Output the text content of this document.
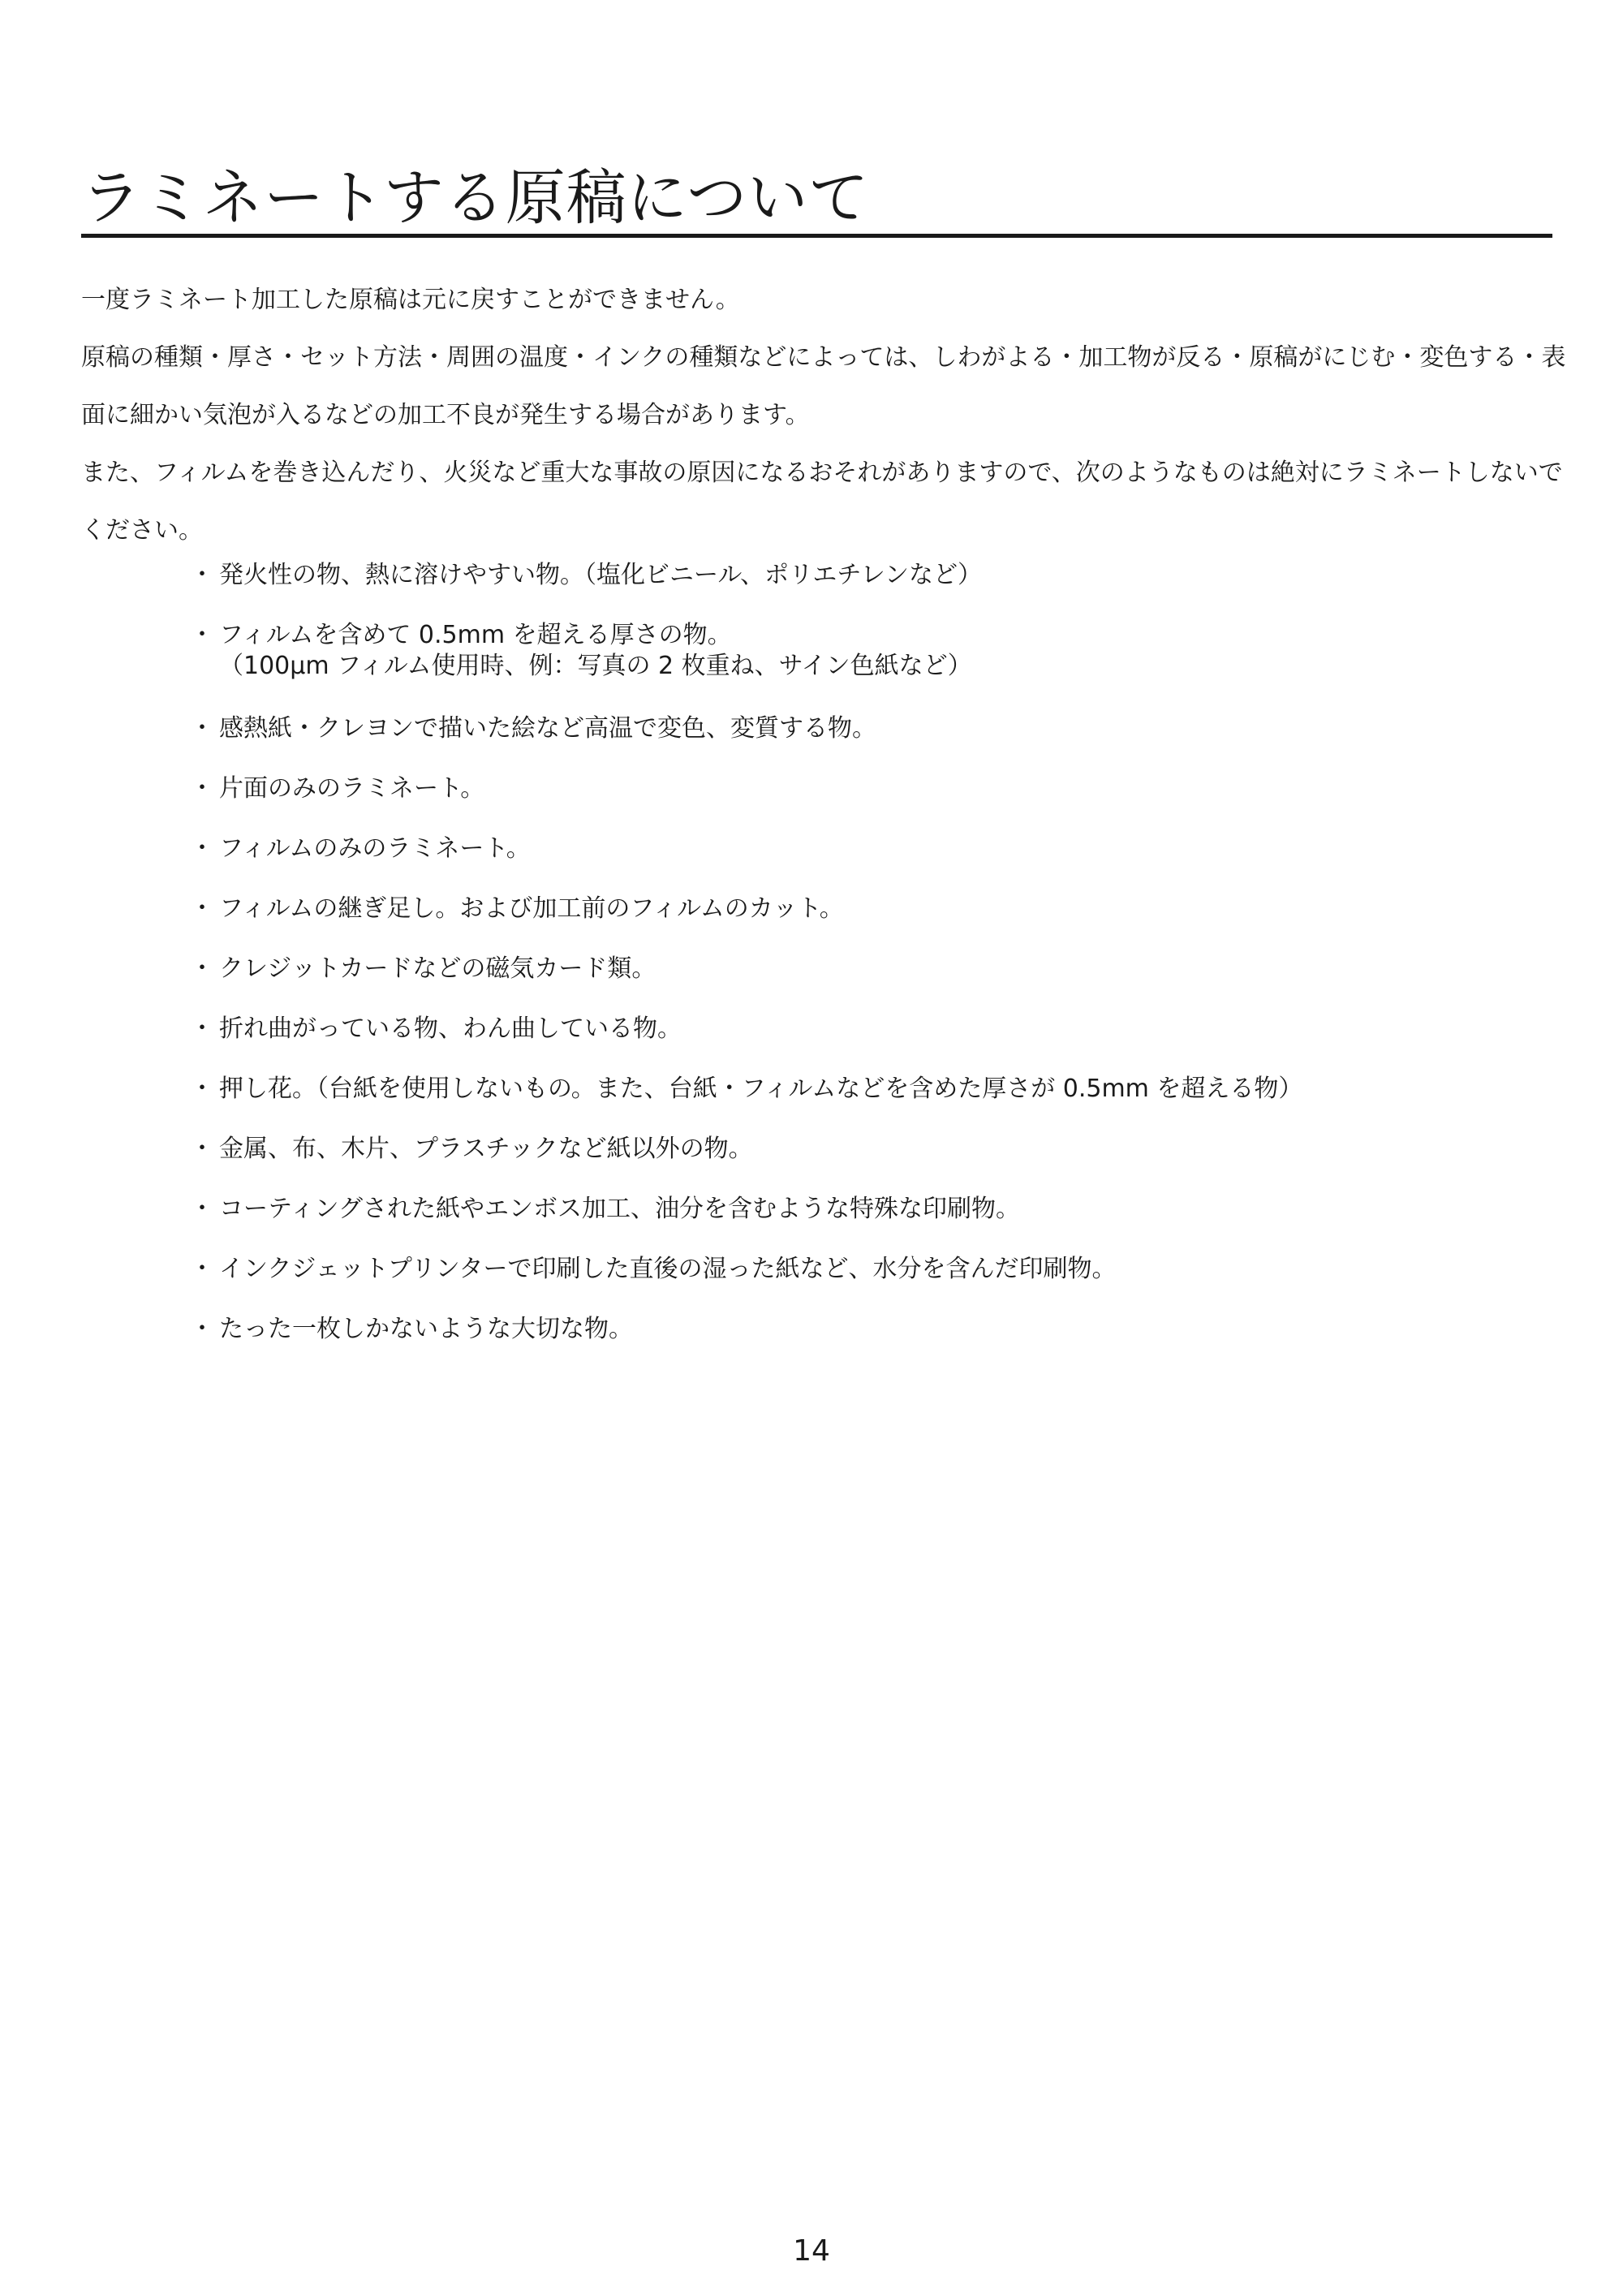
ラミネートする原稿について

一度ラミネート加工した原稿は元に戻すことができません。

原稿の種類・厚さ・セット方法・周囲の温度・インクの種類などによっては、しわがよる・加工物が反る・原稿がにじむ・変色する・表面に細かい気泡が入るなどの加工不良が発生する場合があります。

また、フィルムを巻き込んだり、火災など重大な事故の原因になるおそれがありますので、次のようなものは絶対にラミネートしないでください。

・ 発火性の物、熱に溶けやすい物。（塩化ビニール、ポリエチレンなど）
・ フィルムを含めて 0.5mm を超える厚さの物。
（100μm フィルム使用時、例：写真の 2 枚重ね、サイン色紙など）
・ 感熱紙・クレヨンで描いた絵など高温で変色、変質する物。
・ 片面のみのラミネート。
・ フィルムのみのラミネート。
・ フィルムの継ぎ足し。および加工前のフィルムのカット。
・ クレジットカードなどの磁気カード類。
・ 折れ曲がっている物、わん曲している物。
・ 押し花。（台紙を使用しないもの。また、台紙・フィルムなどを含めた厚さが 0.5mm を超える物）
・ 金属、布、木片、プラスチックなど紙以外の物。
・ コーティングされた紙やエンボス加工、油分を含むような特殊な印刷物。
・ インクジェットプリンターで印刷した直後の湿った紙など、水分を含んだ印刷物。
・ たった一枚しかないような大切な物。
14
